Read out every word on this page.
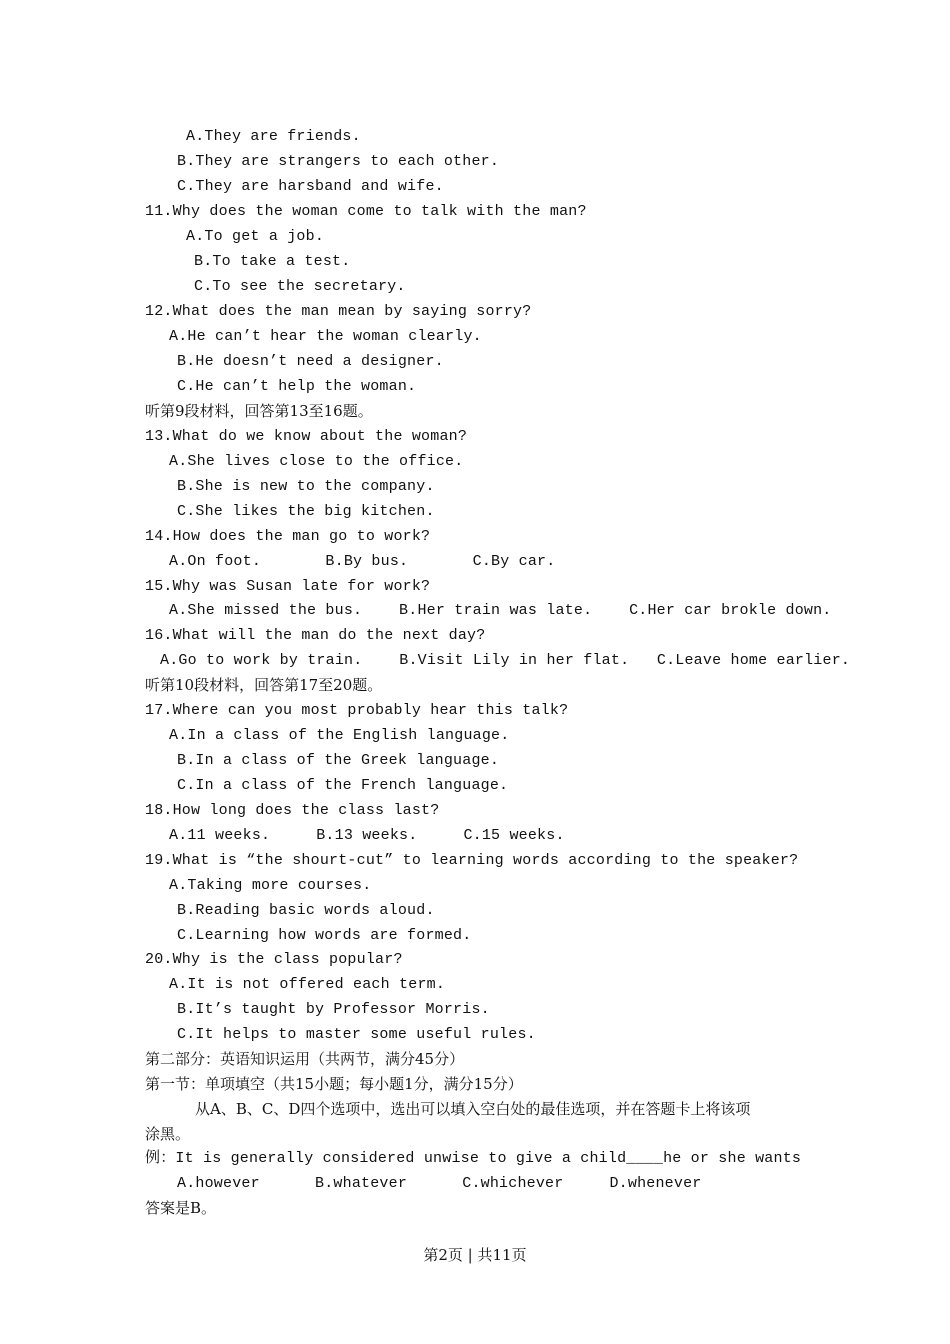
A.They are friends.
B.They are strangers to each other.
C.They are harsband and wife.
11.Why does the woman come to talk with the man?
A.To get a job.
B.To take a test.
C.To see the secretary.
12.What does the man mean by saying sorry?
A.He can’t hear the woman clearly.
B.He doesn’t need a designer.
C.He can’t help the woman.
听第9段材料，回答第13至16题。
13.What do we know about the woman?
A.She lives close to the office.
B.She is new to the company.
C.She likes the big kitchen.
14.How does the man go to work?
A.On foot.       B.By bus.       C.By car.
15.Why was Susan late for work?
A.She missed the bus.    B.Her train was late.    C.Her car brokle down.
16.What will the man do the next day?
A.Go to work by train.    B.Visit Lily in her flat.   C.Leave home earlier.
听第10段材料，回答第17至20题。
17.Where can you most probably hear this talk?
A.In a class of the English language.
B.In a class of the Greek language.
C.In a class of the French language.
18.How long does the class last?
A.11 weeks.     B.13 weeks.     C.15 weeks.
19.What is “the shourt-cut” to learning words according to the speaker?
A.Taking more courses.
B.Reading basic words aloud.
C.Learning how words are formed.
20.Why is the class popular?
A.It is not offered each term.
B.It’s taught by Professor Morris.
C.It helps to master some useful rules.
第二部分：英语知识运用（共两节，满分45分）
第一节：单项填空（共15小题；每小题1分，满分15分）
从A、B、C、D四个选项中，选出可以填入空白处的最佳选项，并在答题卡上将该项
涂黑。
例：It is generally considered unwise to give a child____he or she wants
A.however      B.whatever      C.whichever     D.whenever
答案是B。
第2页 | 共11页
